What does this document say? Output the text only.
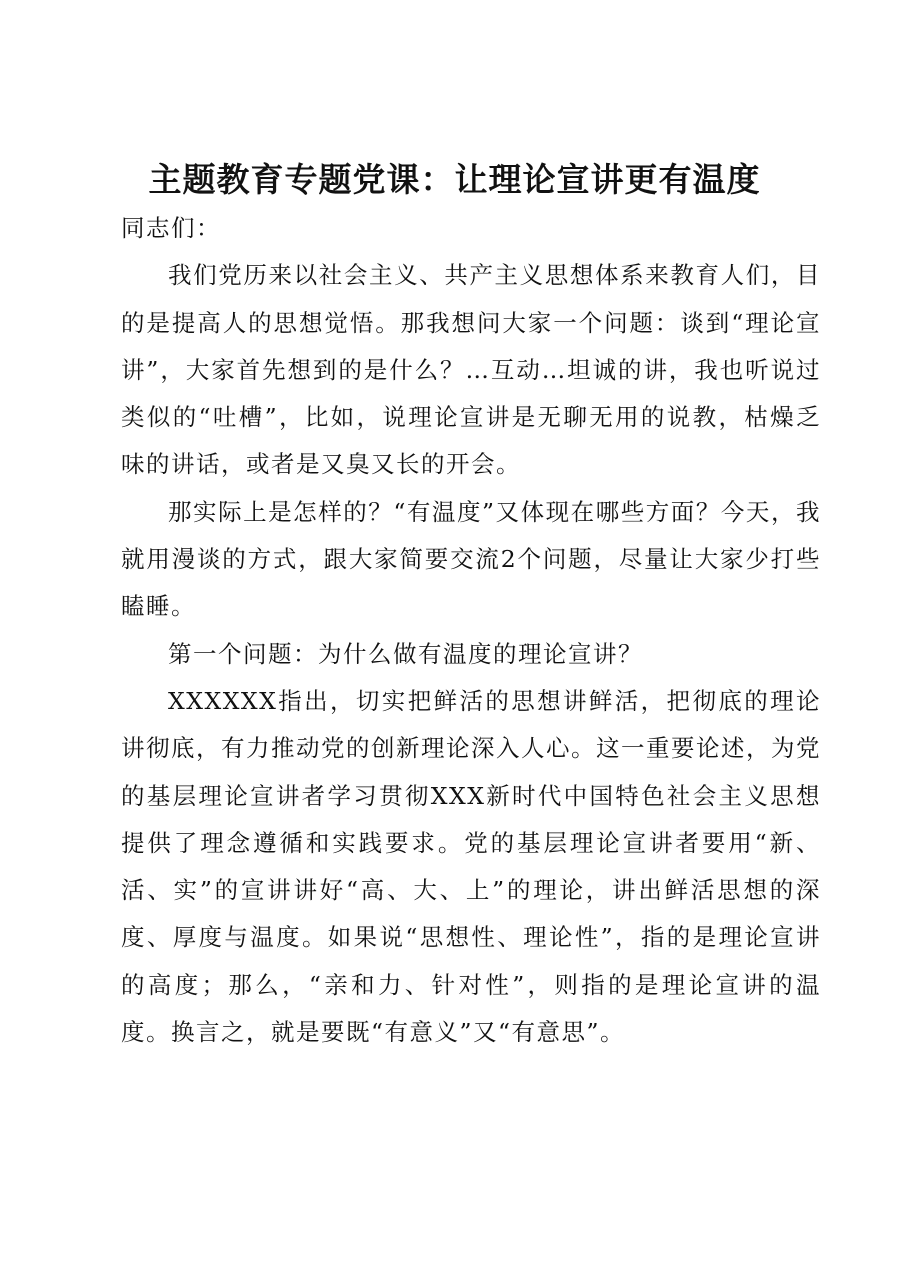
主题教育专题党课：让理论宣讲更有温度

同志们：

我们党历来以社会主义、共产主义思想体系来教育人们，目的是提高人的思想觉悟。那我想问大家一个问题：谈到“理论宣讲”，大家首先想到的是什么？…互动…坦诚的讲，我也听说过类似的“吐槽”，比如，说理论宣讲是无聊无用的说教，枯燥乏味的讲话，或者是又臭又长的开会。

那实际上是怎样的？“有温度”又体现在哪些方面？今天，我就用漫谈的方式，跟大家简要交流2个问题，尽量让大家少打些瞌睡。

第一个问题：为什么做有温度的理论宣讲？

XXXXXX指出，切实把鲜活的思想讲鲜活，把彻底的理论讲彻底，有力推动党的创新理论深入人心。这一重要论述，为党的基层理论宣讲者学习贯彻XXX新时代中国特色社会主义思想提供了理念遵循和实践要求。党的基层理论宣讲者要用“新、活、实”的宣讲讲好“高、大、上”的理论，讲出鲜活思想的深度、厚度与温度。如果说“思想性、理论性”，指的是理论宣讲的高度；那么，“亲和力、针对性”，则指的是理论宣讲的温度。换言之，就是要既“有意义”又“有意思”。
